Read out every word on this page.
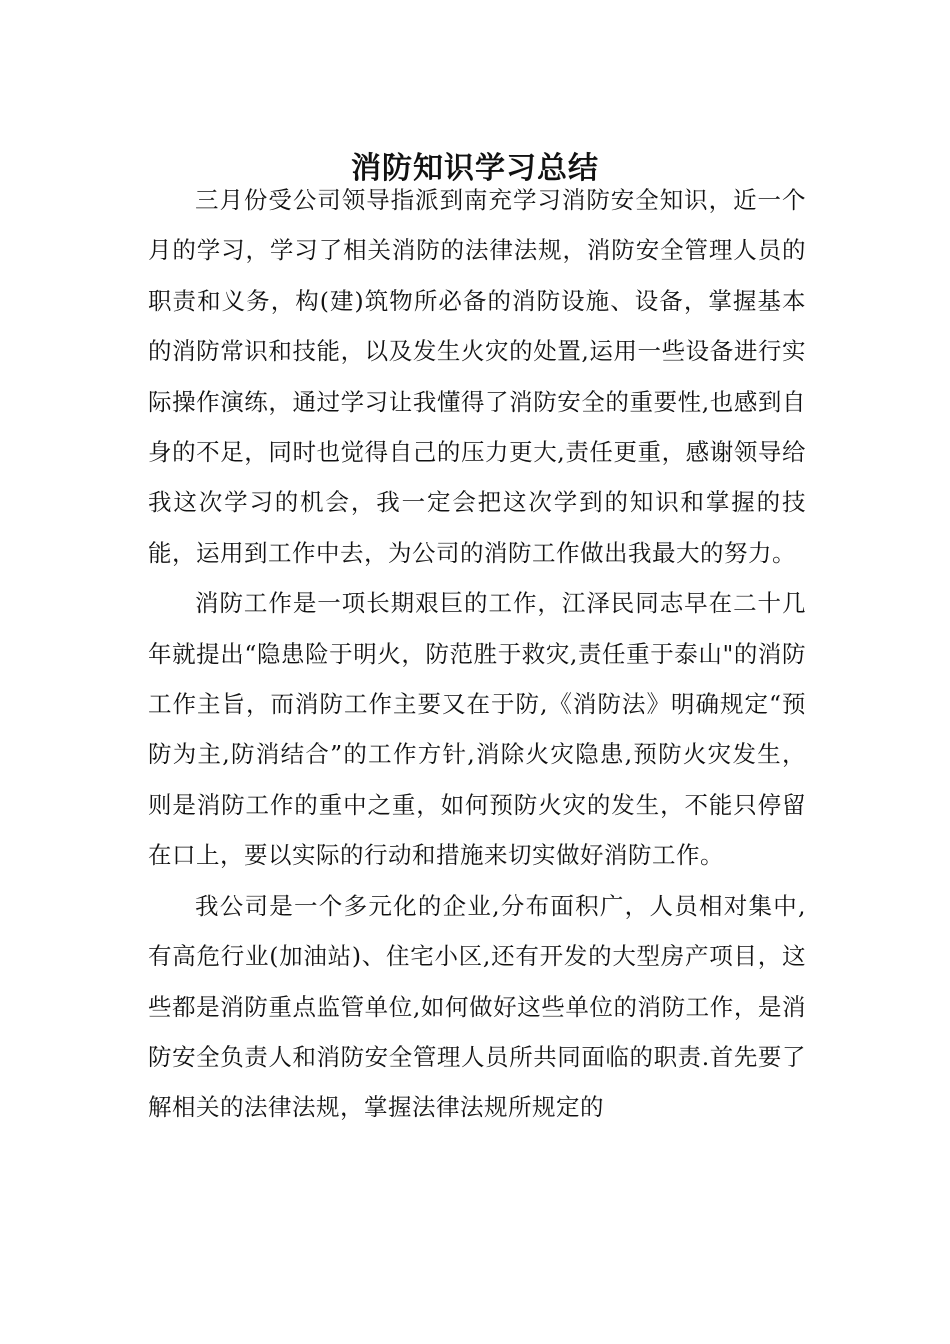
消防知识学习总结

三月份受公司领导指派到南充学习消防安全知识，近一个月的学习，学习了相关消防的法律法规，消防安全管理人员的职责和义务，构(建)筑物所必备的消防设施、设备，掌握基本的消防常识和技能，以及发生火灾的处置,运用一些设备进行实际操作演练，通过学习让我懂得了消防安全的重要性,也感到自身的不足，同时也觉得自己的压力更大,责任更重，感谢领导给我这次学习的机会，我一定会把这次学到的知识和掌握的技能，运用到工作中去，为公司的消防工作做出我最大的努力。

消防工作是一项长期艰巨的工作，江泽民同志早在二十几年就提出“隐患险于明火，防范胜于救灾,责任重于泰山"的消防工作主旨，而消防工作主要又在于防,《消防法》明确规定“预防为主,防消结合”的工作方针,消除火灾隐患,预防火灾发生，则是消防工作的重中之重，如何预防火灾的发生，不能只停留在口上，要以实际的行动和措施来切实做好消防工作。

我公司是一个多元化的企业,分布面积广，人员相对集中,有高危行业(加油站)、住宅小区,还有开发的大型房产项目，这些都是消防重点监管单位,如何做好这些单位的消防工作，是消防安全负责人和消防安全管理人员所共同面临的职责.首先要了解相关的法律法规，掌握法律法规所规定的
